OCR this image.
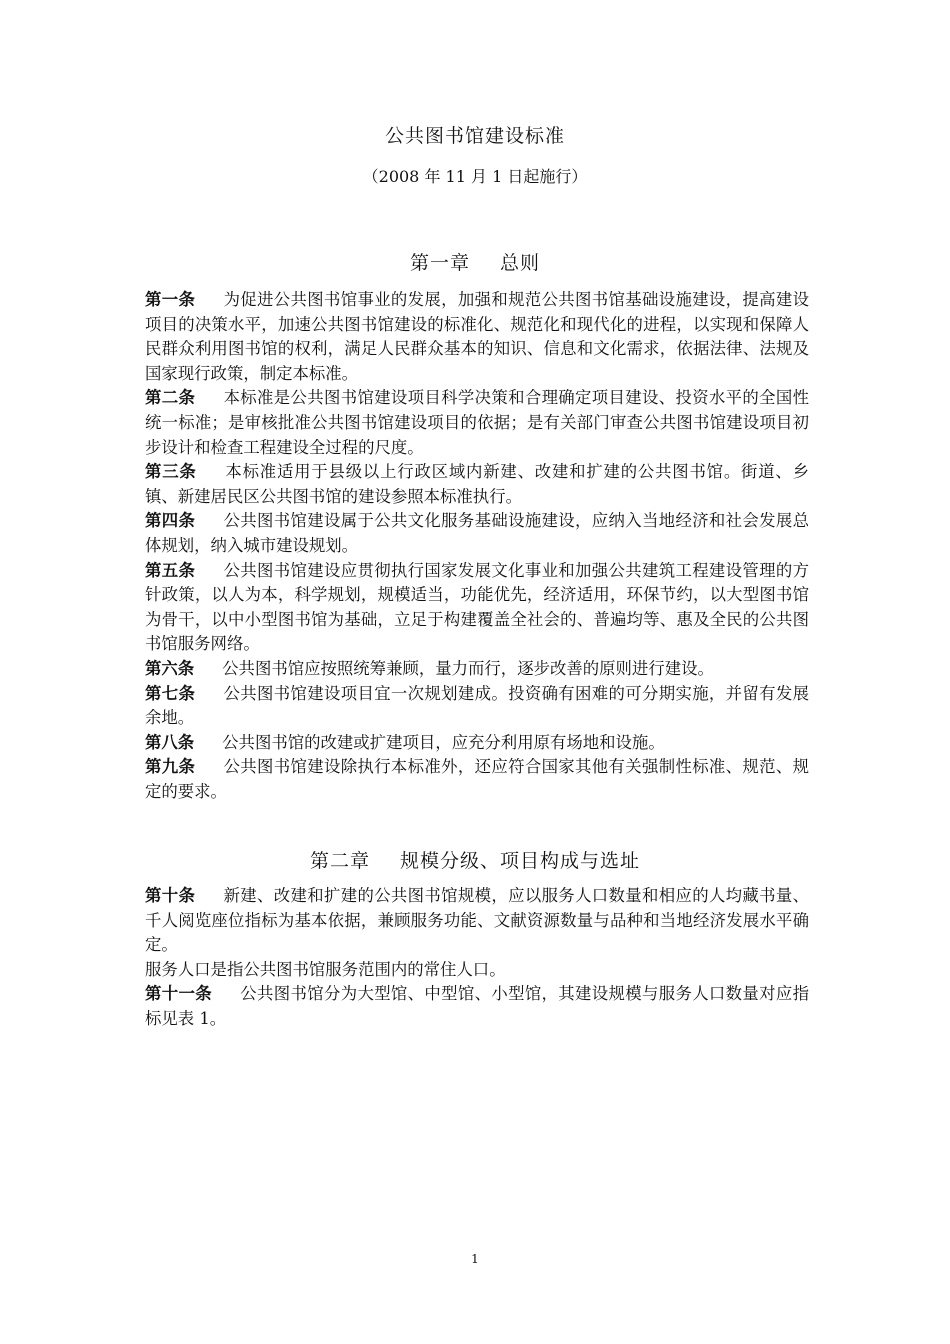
公共图书馆建设标准
（2008 年 11 月 1 日起施行）
第一章 总则

第一条 为促进公共图书馆事业的发展，加强和规范公共图书馆基础设施建设，提高建设项目的决策水平，加速公共图书馆建设的标准化、规范化和现代化的进程，以实现和保障人民群众利用图书馆的权利，满足人民群众基本的知识、信息和文化需求，依据法律、法规及国家现行政策，制定本标准。

第二条 本标准是公共图书馆建设项目科学决策和合理确定项目建设、投资水平的全国性统一标准；是审核批准公共图书馆建设项目的依据；是有关部门审查公共图书馆建设项目初步设计和检查工程建设全过程的尺度。

第三条 本标准适用于县级以上行政区域内新建、改建和扩建的公共图书馆。街道、乡镇、新建居民区公共图书馆的建设参照本标准执行。

第四条 公共图书馆建设属于公共文化服务基础设施建设，应纳入当地经济和社会发展总体规划，纳入城市建设规划。

第五条 公共图书馆建设应贯彻执行国家发展文化事业和加强公共建筑工程建设管理的方针政策，以人为本，科学规划，规模适当，功能优先，经济适用，环保节约，以大型图书馆为骨干，以中小型图书馆为基础，立足于构建覆盖全社会的、普遍均等、惠及全民的公共图书馆服务网络。

第六条 公共图书馆应按照统筹兼顾，量力而行，逐步改善的原则进行建设。

第七条 公共图书馆建设项目宜一次规划建成。投资确有困难的可分期实施，并留有发展余地。

第八条 公共图书馆的改建或扩建项目，应充分利用原有场地和设施。

第九条 公共图书馆建设除执行本标准外，还应符合国家其他有关强制性标准、规范、规定的要求。

第二章 规模分级、项目构成与选址

第十条 新建、改建和扩建的公共图书馆规模，应以服务人口数量和相应的人均藏书量、千人阅览座位指标为基本依据，兼顾服务功能、文献资源数量与品种和当地经济发展水平确定。

服务人口是指公共图书馆服务范围内的常住人口。

第十一条 公共图书馆分为大型馆、中型馆、小型馆，其建设规模与服务人口数量对应指标见表 1。

1
